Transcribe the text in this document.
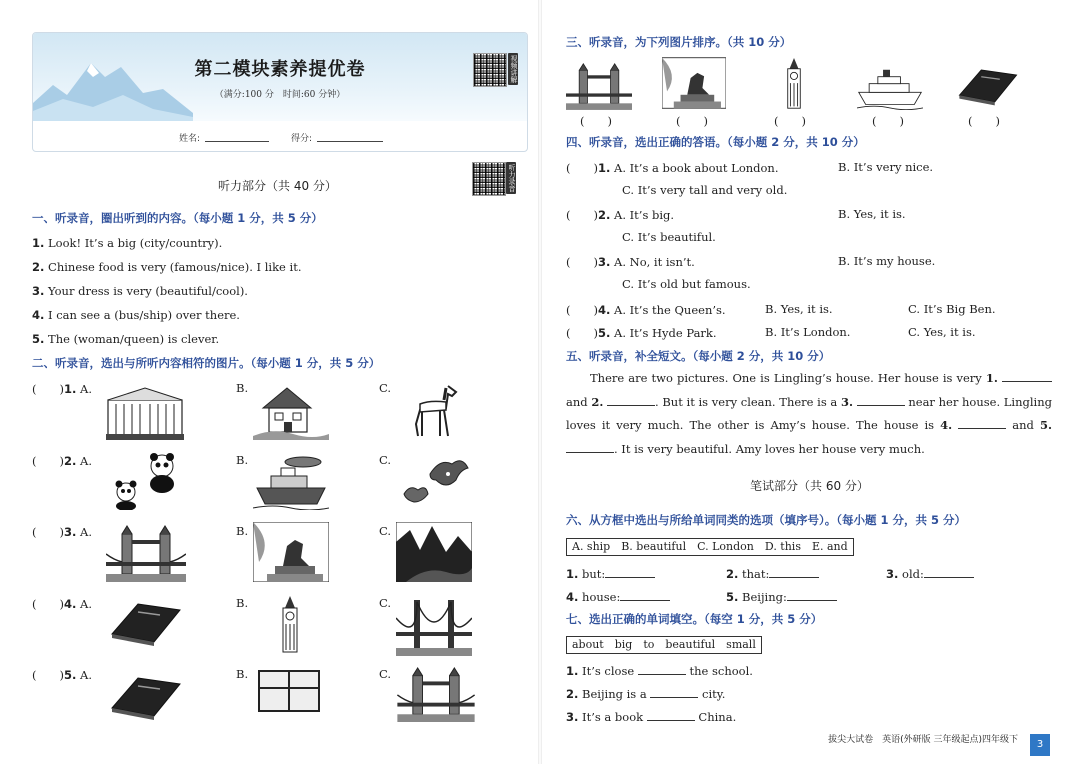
第二模块素养提优卷
（满分:100 分　时间:60 分钟）
视频讲解
姓名:	得分:
听力部分（共 40 分）	听力录音
一、听录音，圈出听到的内容。（每小题 1 分，共 5 分）
1. Look! It’s a big (city/country).
2. Chinese food is very (famous/nice). I like it.
3. Your dress is very (beautiful/cool).
4. I can see a (bus/ship) over there.
5. The (woman/queen) is clever.
二、听录音，选出与所听内容相符的图片。（每小题 1 分，共 5 分）
(　　)1. A.	B.	C.
(　　)2. A.	B.	C.
(　　)3. A.	B.	C.
(　　)4. A.	B.	C.
(　　)5. A.	B.	C.
三、听录音，为下列图片排序。（共 10 分）
(　　)	(　　)	(　　)	(　　)	(　　)
四、听录音，选出正确的答语。（每小题 2 分，共 10 分）
(　　)1. A. It’s a book about London.	B. It’s very nice.
C. It’s very tall and very old.
(　　)2. A. It’s big.	B. Yes, it is.
C. It’s beautiful.
(　　)3. A. No, it isn’t.	B. It’s my house.
C. It’s old but famous.
(　　)4. A. It’s the Queen’s.	B. Yes, it is.	C. It’s Big Ben.
(　　)5. A. It’s Hyde Park.	B. It’s London.	C. Yes, it is.
五、听录音，补全短文。（每小题 2 分，共 10 分）
There are two pictures. One is Lingling’s house. Her house is very 1.  and 2.	. But it is very clean. There is a 3.	near her house. Lingling loves it very much. The other is Amy’s house. The house is 4.	and 5. . It is very beautiful. Amy loves her house very much.
笔试部分（共 60 分）
六、从方框中选出与所给单词同类的选项（填序号）。（每小题 1 分，共 5 分）
A. ship　B. beautiful　C. London　D. this　E. and
1. but:	2. that:	3. old:
4. house:	5. Beijing:
七、选出正确的单词填空。（每空 1 分，共 5 分）
about　big　to　beautiful　small
1. It’s close	the school.
2. Beijing is a	city.
3. It’s a book	China.
拔尖大试卷　英语(外研版 三年级起点)四年级下	3
